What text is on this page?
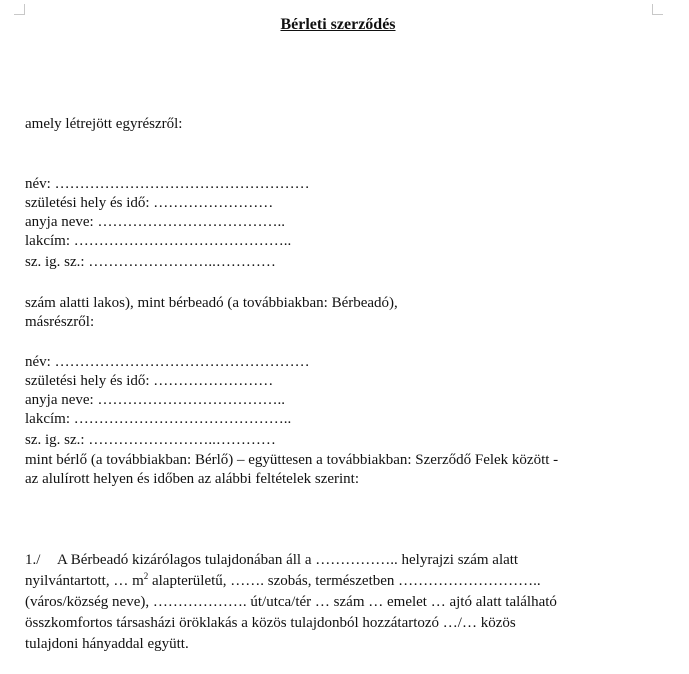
Bérleti szerződés
amely létrejött egyrészről:
név: ……………………………………………
születési hely és idő: ……………………
anyja neve: ………………………………..
lakcím: ……………………………………..
sz. ig. sz.: ……………………..…………
szám alatti lakos), mint bérbeadó (a továbbiakban: Bérbeadó),
másrészről:
név: ……………………………………………
születési hely és idő: ……………………
anyja neve: ………………………………..
lakcím: ……………………………………..
sz. ig. sz.: ……………………..…………
mint bérlő (a továbbiakban: Bérlő) – együttesen a továbbiakban: Szerződő Felek között -
az alulírott helyen és időben az alábbi feltételek szerint:
1./ A Bérbeadó kizárólagos tulajdonában áll a …………….. helyrajzi szám alatt
nyilvántartott, … $m^2$ alapterületű, ……. szobás, természetben ………………………..
(város/község neve), ………………. út/utca/tér … szám … emelet … ajtó alatt található
összkomfortos társasházi öröklakás a közös tulajdonból hozzátartozó …/… közös
tulajdoni hányaddal együtt.
